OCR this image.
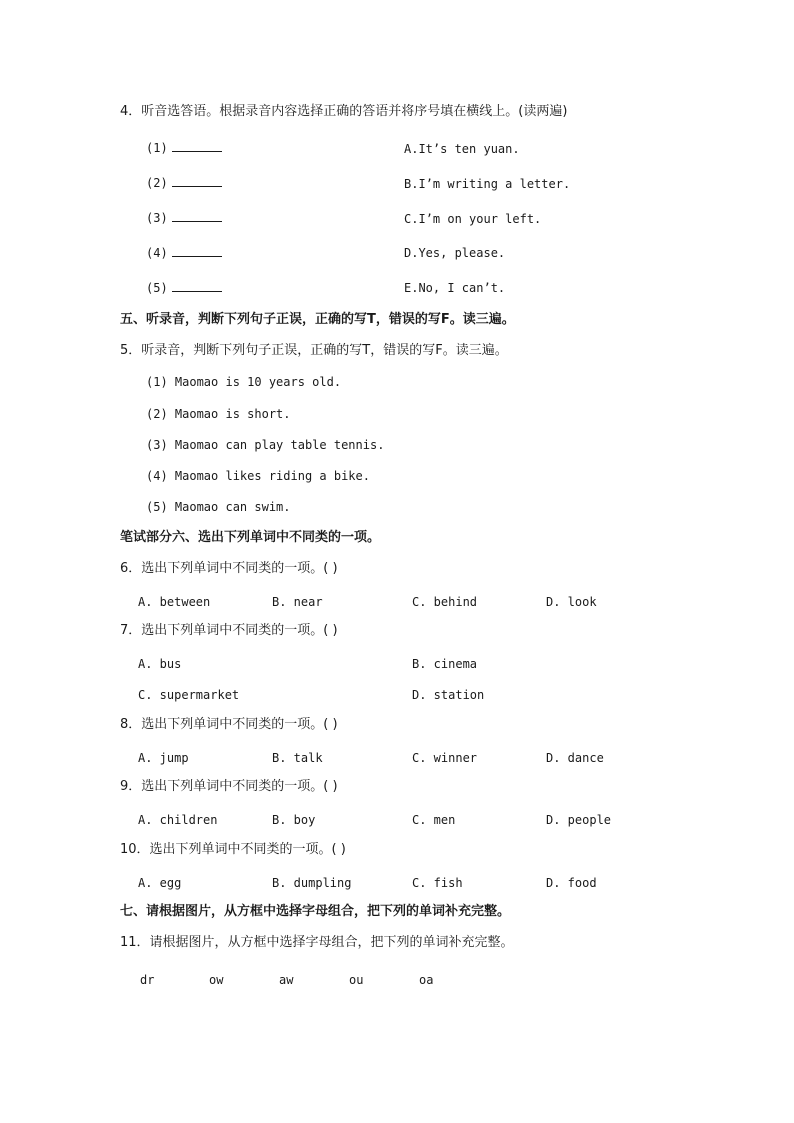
4．听音选答语。根据录音内容选择正确的答语并将序号填在横线上。(读两遍)
(1)	A.It’s ten yuan.
(2)	B.I’m writing a letter.
(3)	C.I’m on your left.
(4)	D.Yes, please.
(5)	E.No, I can’t.
五、听录音，判断下列句子正误，正确的写T，错误的写F。读三遍。
5．听录音，判断下列句子正误，正确的写T，错误的写F。读三遍。
(1) Maomao is 10 years old.
(2) Maomao is short.
(3) Maomao can play table tennis.
(4) Maomao likes riding a bike.
(5) Maomao can swim.
笔试部分六、选出下列单词中不同类的一项。
6．选出下列单词中不同类的一项。( )
A. between	B. near	C. behind	D. look
7．选出下列单词中不同类的一项。( )
A. bus	B. cinema
C. supermarket	D. station
8．选出下列单词中不同类的一项。( )
A. jump	B. talk	C. winner	D. dance
9．选出下列单词中不同类的一项。( )
A. children	B. boy	C. men	D. people
10．选出下列单词中不同类的一项。( )
A. egg	B. dumpling	C. fish	D. food
七、请根据图片，从方框中选择字母组合，把下列的单词补充完整。
11．请根据图片，从方框中选择字母组合，把下列的单词补充完整。
dr	ow	aw	ou	oa
